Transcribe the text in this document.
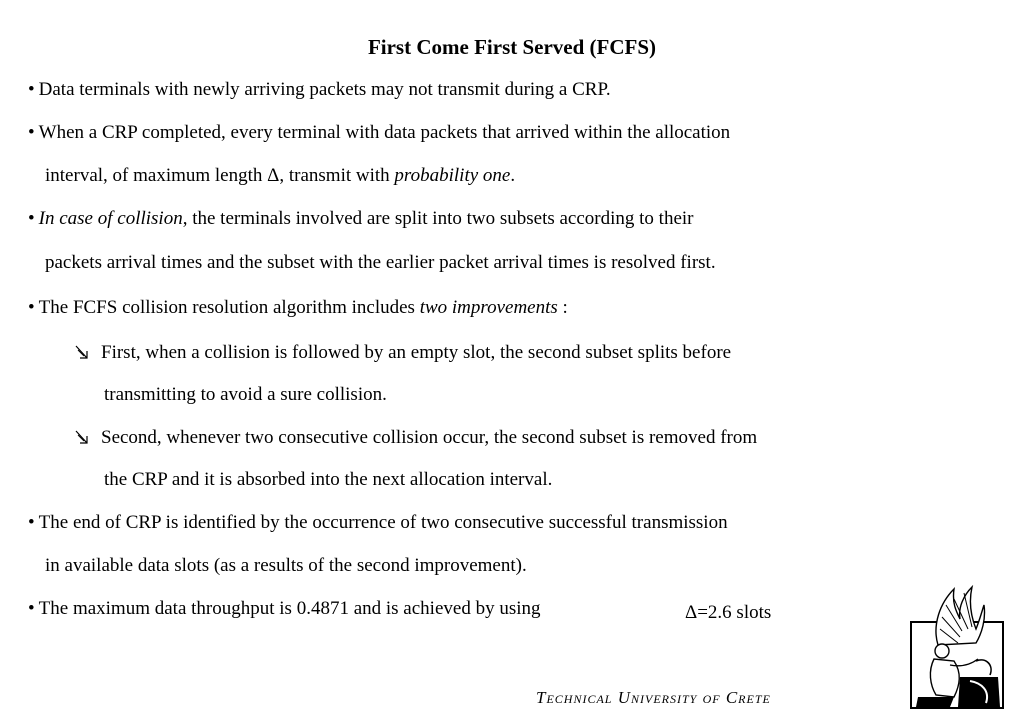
First Come First Served (FCFS)
• Data terminals with newly arriving packets may not transmit during a CRP.
• When a CRP completed, every terminal with data packets that arrived within the allocation
interval, of maximum length Δ, transmit with probability one.
• In case of collision, the terminals involved are split into two subsets according to their
packets arrival times and the subset with the earlier packet arrival times is resolved first.
• The FCFS collision resolution algorithm includes two improvements :
First, when a collision is followed by an empty slot, the second subset splits before
transmitting to avoid a sure collision.
Second, whenever two consecutive collision occur, the second subset is removed from
the CRP and it is absorbed into the next allocation interval.
• The end of CRP is identified by the occurrence of two consecutive successful transmission
in available data slots (as a results of the second improvement).
• The maximum data throughput is 0.4871 and is achieved by using	Δ=2.6 slots
Technical University of Crete
